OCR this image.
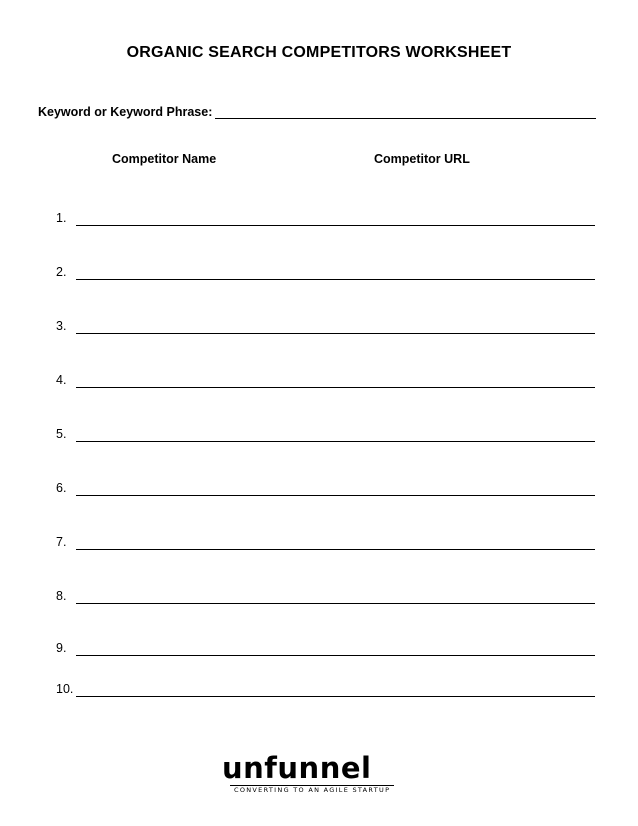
ORGANIC SEARCH COMPETITORS WORKSHEET
Keyword or Keyword Phrase:
Competitor Name	Competitor URL
1.
2.
3.
4.
5.
6.
7.
8.
9.
10.
unfunnel
CONVERTING TO AN AGILE STARTUP
